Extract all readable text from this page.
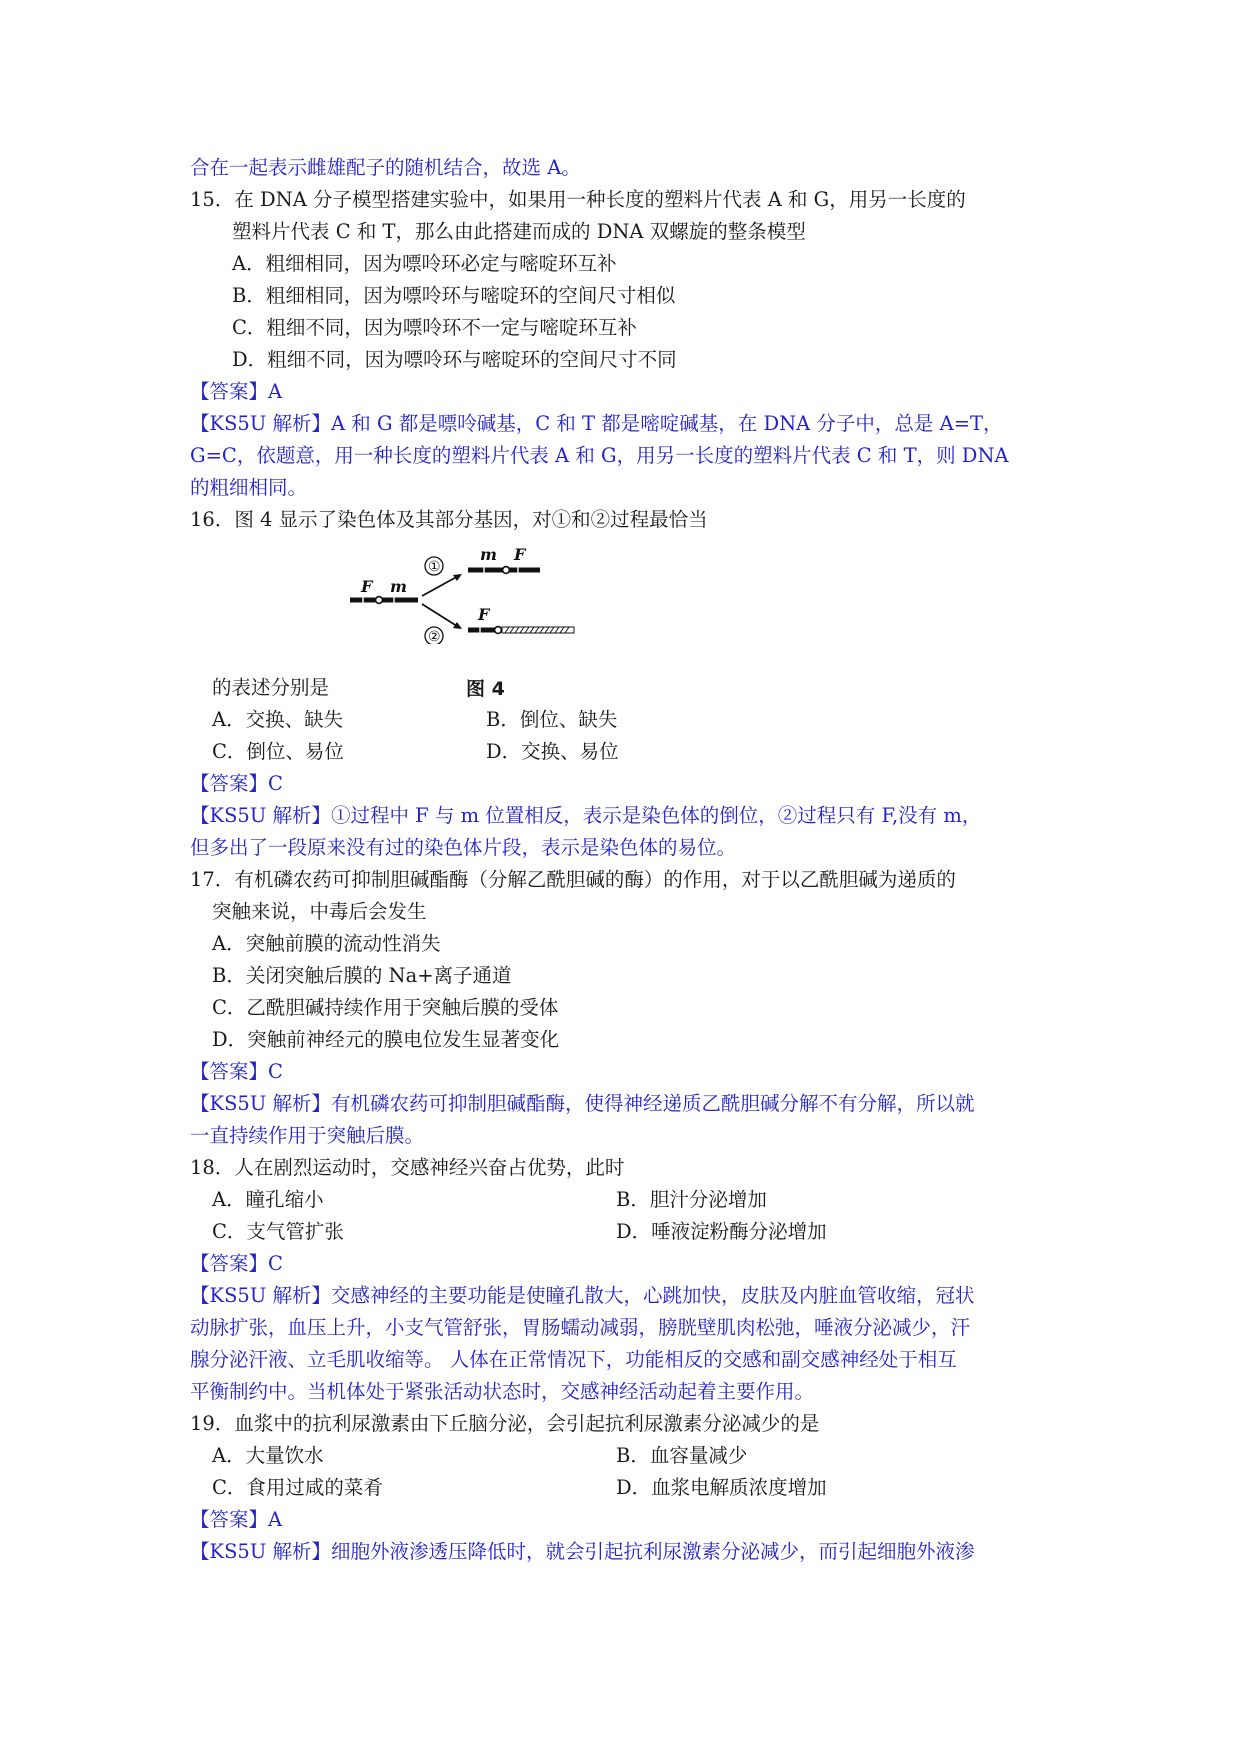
合在一起表示雌雄配子的随机结合，故选 A。
15．在 DNA 分子模型搭建实验中，如果用一种长度的塑料片代表 A 和 G，用另一长度的
塑料片代表 C 和 T，那么由此搭建而成的 DNA 双螺旋的整条模型
A．粗细相同，因为嘌呤环必定与嘧啶环互补
B．粗细相同，因为嘌呤环与嘧啶环的空间尺寸相似
C．粗细不同，因为嘌呤环不一定与嘧啶环互补
D．粗细不同，因为嘌呤环与嘧啶环的空间尺寸不同
【答案】A
【KS5U 解析】A 和 G 都是嘌呤碱基，C 和 T 都是嘧啶碱基，在 DNA 分子中，总是 A=T，
G=C，依题意，用一种长度的塑料片代表 A 和 G，用另一长度的塑料片代表 C 和 T，则 DNA
的粗细相同。
16．图 4 显示了染色体及其部分基因，对①和②过程最恰当
F m
①
②
m F
F
的表述分别是	图 4
A．交换、缺失	B．倒位、缺失
C．倒位、易位	D．交换、易位
【答案】C
【KS5U 解析】①过程中 F 与 m 位置相反，表示是染色体的倒位，②过程只有 F,没有 m，
但多出了一段原来没有过的染色体片段，表示是染色体的易位。
17．有机磷农药可抑制胆碱酯酶（分解乙酰胆碱的酶）的作用，对于以乙酰胆碱为递质的
突触来说，中毒后会发生
A．突触前膜的流动性消失
B．关闭突触后膜的 Na+离子通道
C．乙酰胆碱持续作用于突触后膜的受体
D．突触前神经元的膜电位发生显著变化
【答案】C
【KS5U 解析】有机磷农药可抑制胆碱酯酶，使得神经递质乙酰胆碱分解不有分解，所以就
一直持续作用于突触后膜。
18．人在剧烈运动时，交感神经兴奋占优势，此时
A．瞳孔缩小	B．胆汁分泌增加
C．支气管扩张	D．唾液淀粉酶分泌增加
【答案】C
【KS5U 解析】交感神经的主要功能是使瞳孔散大，心跳加快，皮肤及内脏血管收缩，冠状
动脉扩张，血压上升，小支气管舒张，胃肠蠕动减弱，膀胱壁肌肉松弛，唾液分泌减少，汗
腺分泌汗液、立毛肌收缩等。 人体在正常情况下，功能相反的交感和副交感神经处于相互
平衡制约中。当机体处于紧张活动状态时，交感神经活动起着主要作用。
19．血浆中的抗利尿激素由下丘脑分泌，会引起抗利尿激素分泌减少的是
A．大量饮水	B．血容量减少
C．食用过咸的菜肴	D．血浆电解质浓度增加
【答案】A
【KS5U 解析】细胞外液渗透压降低时，就会引起抗利尿激素分泌减少，而引起细胞外液渗
